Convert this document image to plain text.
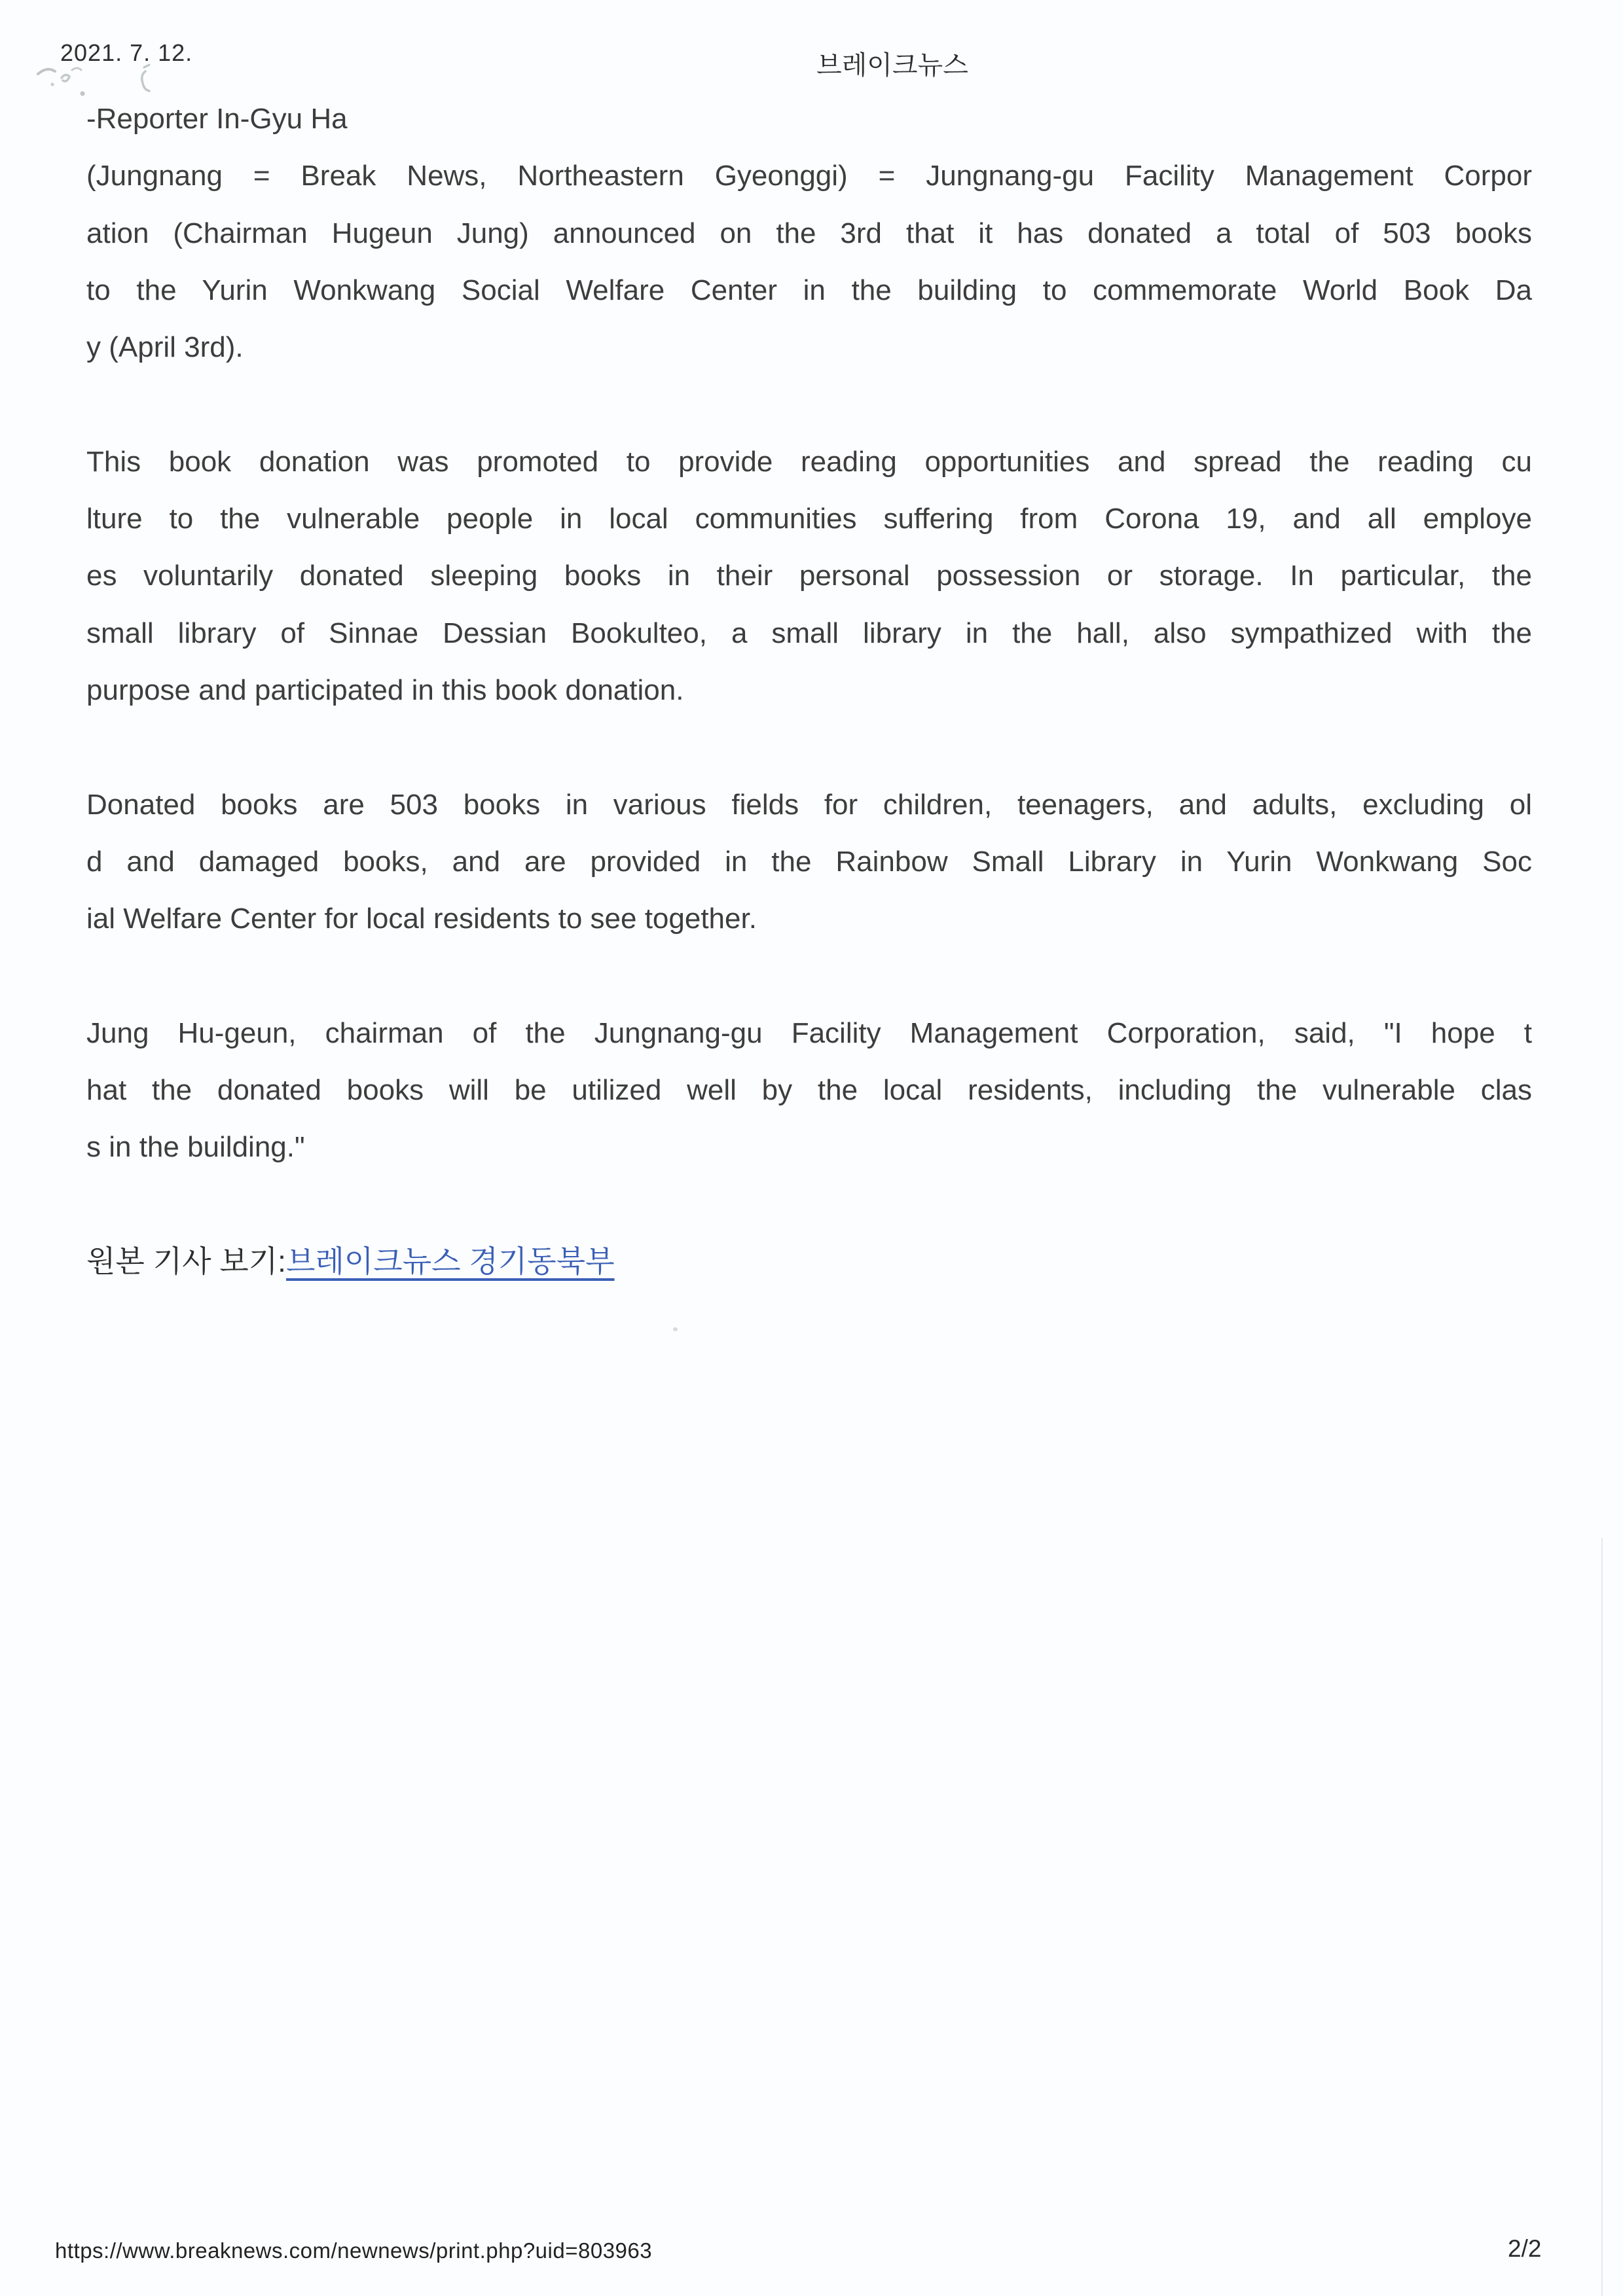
2021. 7. 12.	브레이크뉴스
-Reporter In-Gyu Ha
(Jungnang = Break News, Northeastern Gyeonggi) = Jungnang-gu Facility Management Corpor
ation (Chairman Hugeun Jung) announced on the 3rd that it has donated a total of 503 books
to the Yurin Wonkwang Social Welfare Center in the building to commemorate World Book Da
y (April 3rd).
This book donation was promoted to provide reading opportunities and spread the reading cu
lture to the vulnerable people in local communities suffering from Corona 19, and all employe
es voluntarily donated sleeping books in their personal possession or storage. In particular, the
small library of Sinnae Dessian Bookulteo, a small library in the hall, also sympathized with the
purpose and participated in this book donation.
Donated books are 503 books in various fields for children, teenagers, and adults, excluding ol
d and damaged books, and are provided in the Rainbow Small Library in Yurin Wonkwang Soc
ial Welfare Center for local residents to see together.
Jung Hu-geun, chairman of the Jungnang-gu Facility Management Corporation, said, "I hope t
hat the donated books will be utilized well by the local residents, including the vulnerable clas
s in the building."
원본 기사 보기:브레이크뉴스 경기동북부
https://www.breaknews.com/newnews/print.php?uid=803963	2/2
